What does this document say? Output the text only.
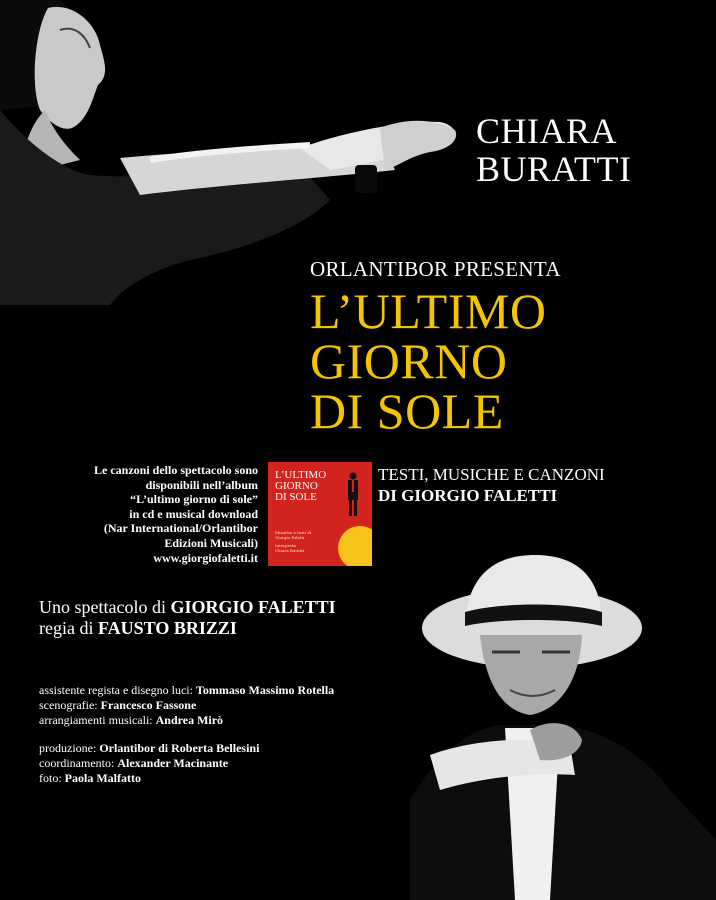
CHIARA
BURATTI
ORLANTIBOR PRESENTA
L’ULTIMO
GIORNO
DI SOLE
Le canzoni dello spettacolo sono
disponibili nell’album
“L’ultimo giorno di sole”
in cd e musical download
(Nar International/Orlantibor
Edizioni Musicali)
www.giorgiofaletti.it
L’ULTIMO
GIORNO
DI SOLE
Musiche e testi di
Giorgio Faletti
Interpreta
Chiara Buratti
TESTI, MUSICHE E CANZONI
DI GIORGIO FALETTI
Uno spettacolo di GIORGIO FALETTI
regia di FAUSTO BRIZZI
assistente regista e disegno luci: Tommaso Massimo Rotella
scenografie: Francesco Fassone
arrangiamenti musicali: Andrea Mirò
produzione: Orlantibor di Roberta Bellesini
coordinamento: Alexander Macinante
foto: Paola Malfatto
